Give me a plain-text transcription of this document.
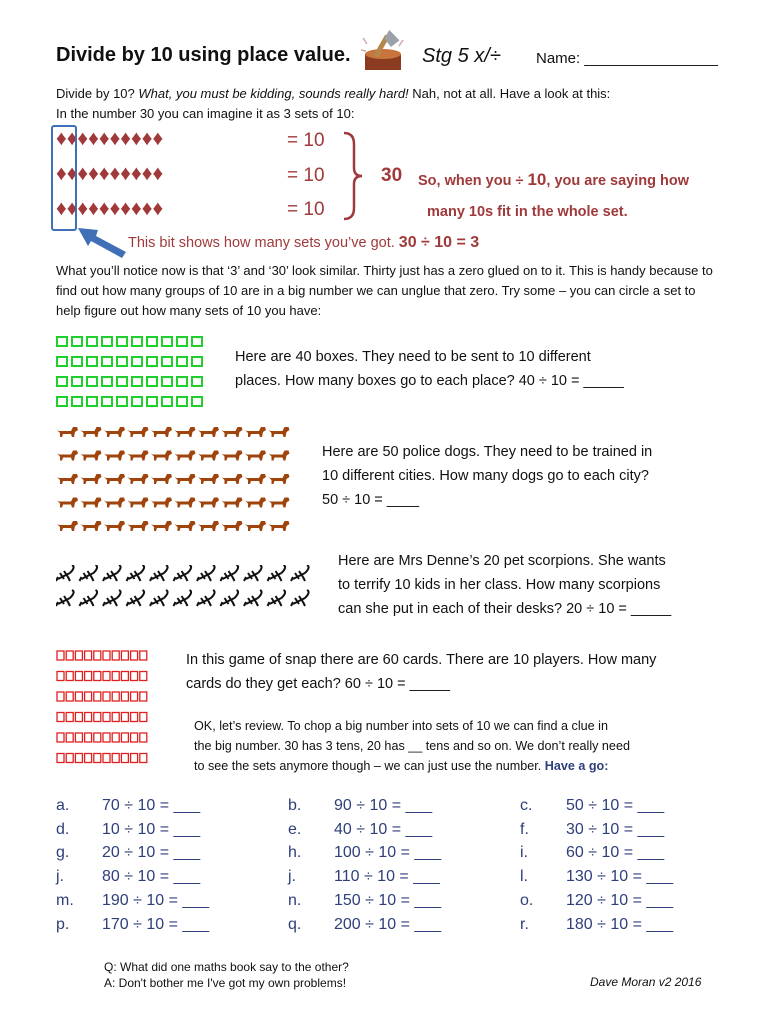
Divide by 10 using place value.	Stg 5 x/÷ Name: ________________
Divide by 10? What, you must be kidding, sounds really hard! Nah, not at all. Have a look at this:
In the number 30 you can imagine it as 3 sets of 10:
♦♦♦♦♦♦♦♦♦♦
♦♦♦♦♦♦♦♦♦♦
♦♦♦♦♦♦♦♦♦♦
= 10
= 10
= 10
30 So, when you ÷ 10, you are saying how
many 10s fit in the whole set.
This bit shows how many sets you’ve got. 30 ÷ 10 = 3
What you’ll notice now is that ‘3’ and ‘30’ look similar. Thirty just has a zero glued on to it. This is handy because to find out how many groups of 10 are in a big number we can unglue that zero. Try some – you can circle a set to help figure out how many sets of 10 you have:
Here are 40 boxes. They need to be sent to 10 different
places. How many boxes go to each place? 40 ÷ 10 = _____
Here are 50 police dogs. They need to be trained in
10 different cities. How many dogs go to each city?
50 ÷ 10 = ____
Here are Mrs Denne’s 20 pet scorpions. She wants
to terrify 10 kids in her class. How many scorpions
can she put in each of their desks? 20 ÷ 10 = _____
In this game of snap there are 60 cards. There are 10 players. How many
cards do they get each? 60 ÷ 10 = _____
OK, let’s review. To chop a big number into sets of 10 we can find a clue in
the big number. 30 has 3 tens, 20 has __ tens and so on. We don’t really need
to see the sets anymore though – we can just use the number. Have a go:
a. 70 ÷ 10 = ___	b. 90 ÷ 10 = ___	c. 50 ÷ 10 = ___
d. 10 ÷ 10 = ___	e. 40 ÷ 10 = ___	f. 30 ÷ 10 = ___
g. 20 ÷ 10 = ___	h. 100 ÷ 10 = ___	i. 60 ÷ 10 = ___
j. 80 ÷ 10 = ___	j. 110 ÷ 10 = ___	l. 130 ÷ 10 = ___
m. 190 ÷ 10 = ___	n. 150 ÷ 10 = ___	o. 120 ÷ 10 = ___
p. 170 ÷ 10 = ___	q. 200 ÷ 10 = ___	r. 180 ÷ 10 = ___
Q: What did one maths book say to the other?
A: Don't bother me I've got my own problems!	Dave Moran v2 2016
